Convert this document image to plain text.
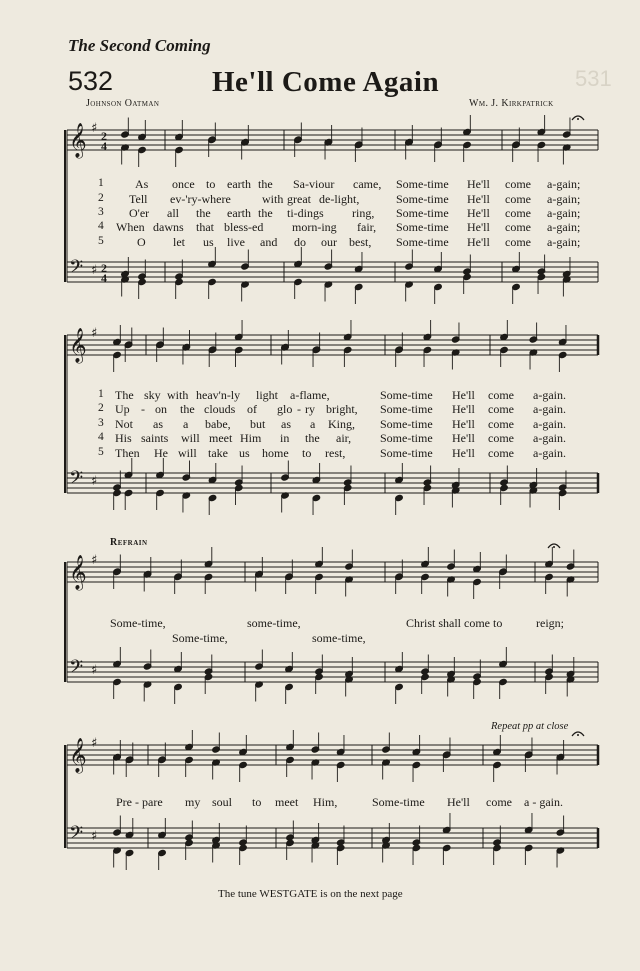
The Second Coming
532	He'll Come Again	531
Johnson Oatman	Wm. J. Kirkpatrick
𝄞
𝄢
♯
♯
2
4
2
4
𝄞
𝄢
♯
♯
𝄞
𝄢
♯
♯
𝄞
𝄢
♯
♯
1	As once to earth the Sa-viour came, Some-time He'll come a-gain;
2 Tell ev-'ry-where	with great de-light,	Some-time He'll come a-gain;
3 O'er all the earth the ti-dings ring, Some-time He'll come a-gain;
4 When dawns that bless-ed morn-ing fair, Some-time He'll come a-gain;
5	O let us live and do our best, Some-time He'll come a-gain;
1 The sky with heav'n-ly light a-flame,	Some-time He'll come a-gain.
2 Up - on the clouds of glo - ry bright, Some-time He'll come a-gain.
3 Not as a babe, but as a King, Some-time He'll come a-gain.
4 His saints will meet Him in the air, Some-time He'll come a-gain.
5 Then He will take us home to rest,	Some-time He'll come a-gain.
Refrain
Some-time,	some-time,	Christ shall come to	reign;
Some-time,	some-time,
Repeat pp at close
Pre - pare my soul to meet Him,	Some-time He'll come a - gain.
The tune WESTGATE is on the next page
